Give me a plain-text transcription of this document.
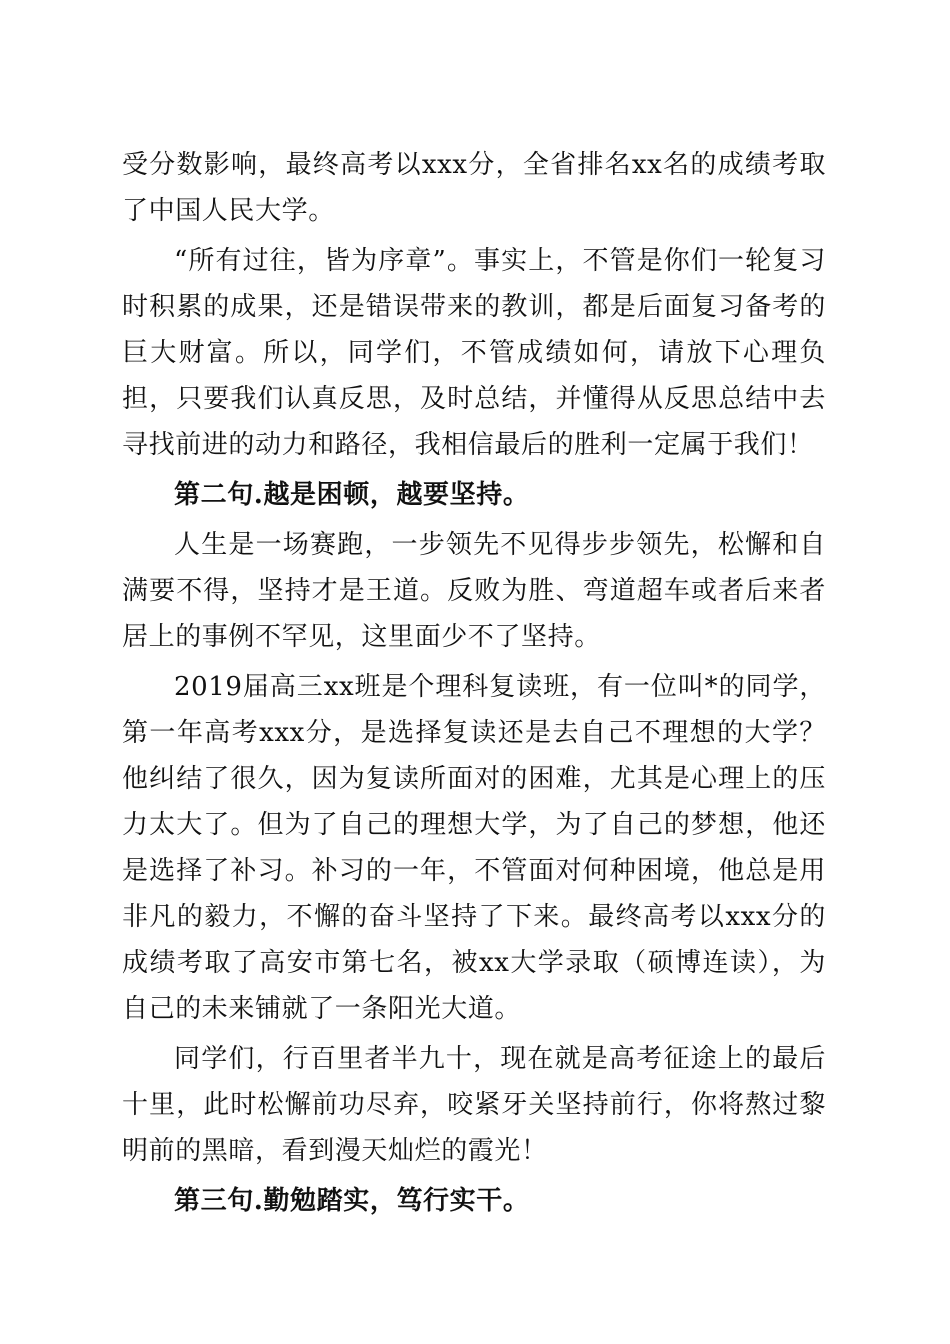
受分数影响，最终高考以xxx分，全省排名xx名的成绩考取了中国人民大学。

“所有过往，皆为序章”。事实上，不管是你们一轮复习时积累的成果，还是错误带来的教训，都是后面复习备考的巨大财富。所以，同学们，不管成绩如何，请放下心理负担，只要我们认真反思，及时总结，并懂得从反思总结中去寻找前进的动力和路径，我相信最后的胜利一定属于我们！

第二句.越是困顿，越要坚持。

人生是一场赛跑，一步领先不见得步步领先，松懈和自满要不得，坚持才是王道。反败为胜、弯道超车或者后来者居上的事例不罕见，这里面少不了坚持。

2019届高三xx班是个理科复读班，有一位叫*的同学，第一年高考xxx分，是选择复读还是去自己不理想的大学？他纠结了很久，因为复读所面对的困难，尤其是心理上的压力太大了。但为了自己的理想大学，为了自己的梦想，他还是选择了补习。补习的一年，不管面对何种困境，他总是用非凡的毅力，不懈的奋斗坚持了下来。最终高考以xxx分的成绩考取了高安市第七名，被xx大学录取（硕博连读），为自己的未来铺就了一条阳光大道。

同学们，行百里者半九十，现在就是高考征途上的最后十里，此时松懈前功尽弃，咬紧牙关坚持前行，你将熬过黎明前的黑暗，看到漫天灿烂的霞光！

第三句.勤勉踏实，笃行实干。
